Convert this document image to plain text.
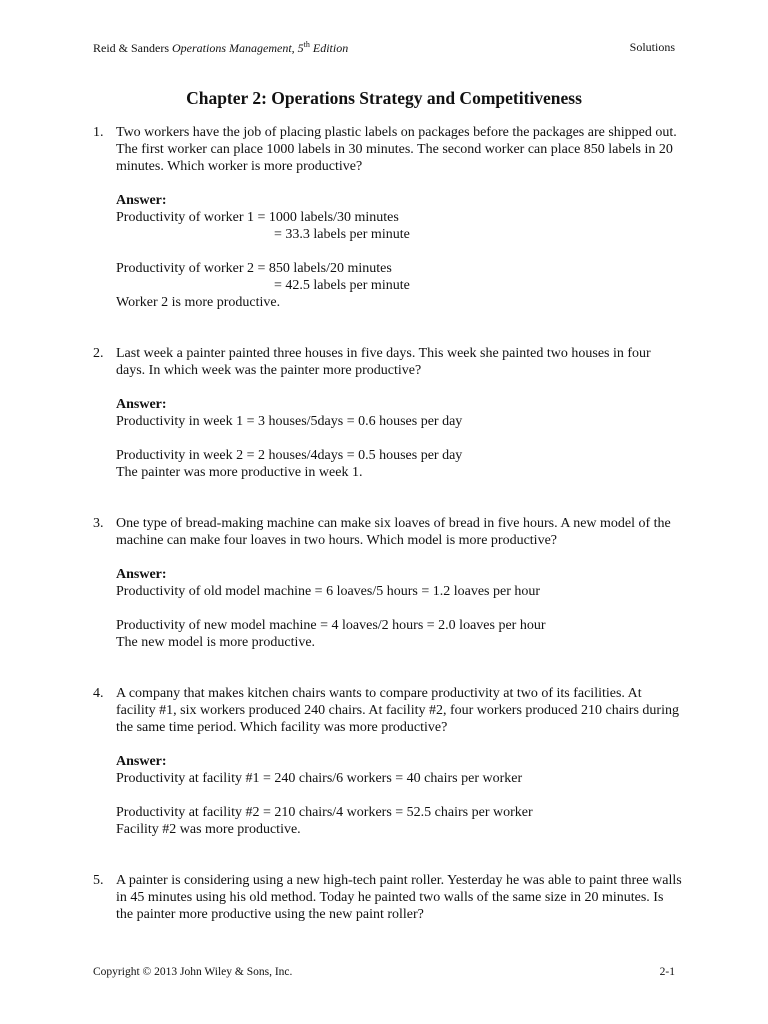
Reid & Sanders Operations Management, 5th Edition	Solutions
Chapter 2: Operations Strategy and Competitiveness
1. Two workers have the job of placing plastic labels on packages before the packages are shipped out. The first worker can place 1000 labels in 30 minutes. The second worker can place 850 labels in 20 minutes. Which worker is more productive?
Answer:
Productivity of worker 1 = 1000 labels/30 minutes
= 33.3 labels per minute
Productivity of worker 2 = 850 labels/20 minutes
= 42.5 labels per minute
Worker 2 is more productive.
2. Last week a painter painted three houses in five days. This week she painted two houses in four days. In which week was the painter more productive?
Answer:
Productivity in week 1 = 3 houses/5days = 0.6 houses per day
Productivity in week 2 = 2 houses/4days = 0.5 houses per day
The painter was more productive in week 1.
3. One type of bread-making machine can make six loaves of bread in five hours. A new model of the machine can make four loaves in two hours. Which model is more productive?
Answer:
Productivity of old model machine = 6 loaves/5 hours = 1.2 loaves per hour
Productivity of new model machine = 4 loaves/2 hours = 2.0 loaves per hour
The new model is more productive.
4. A company that makes kitchen chairs wants to compare productivity at two of its facilities. At facility #1, six workers produced 240 chairs. At facility #2, four workers produced 210 chairs during the same time period. Which facility was more productive?
Answer:
Productivity at facility #1 = 240 chairs/6 workers = 40 chairs per worker
Productivity at facility #2 = 210 chairs/4 workers = 52.5 chairs per worker
Facility #2 was more productive.
5. A painter is considering using a new high-tech paint roller. Yesterday he was able to paint three walls in 45 minutes using his old method. Today he painted two walls of the same size in 20 minutes. Is the painter more productive using the new paint roller?
Copyright © 2013 John Wiley & Sons, Inc.	2-1
